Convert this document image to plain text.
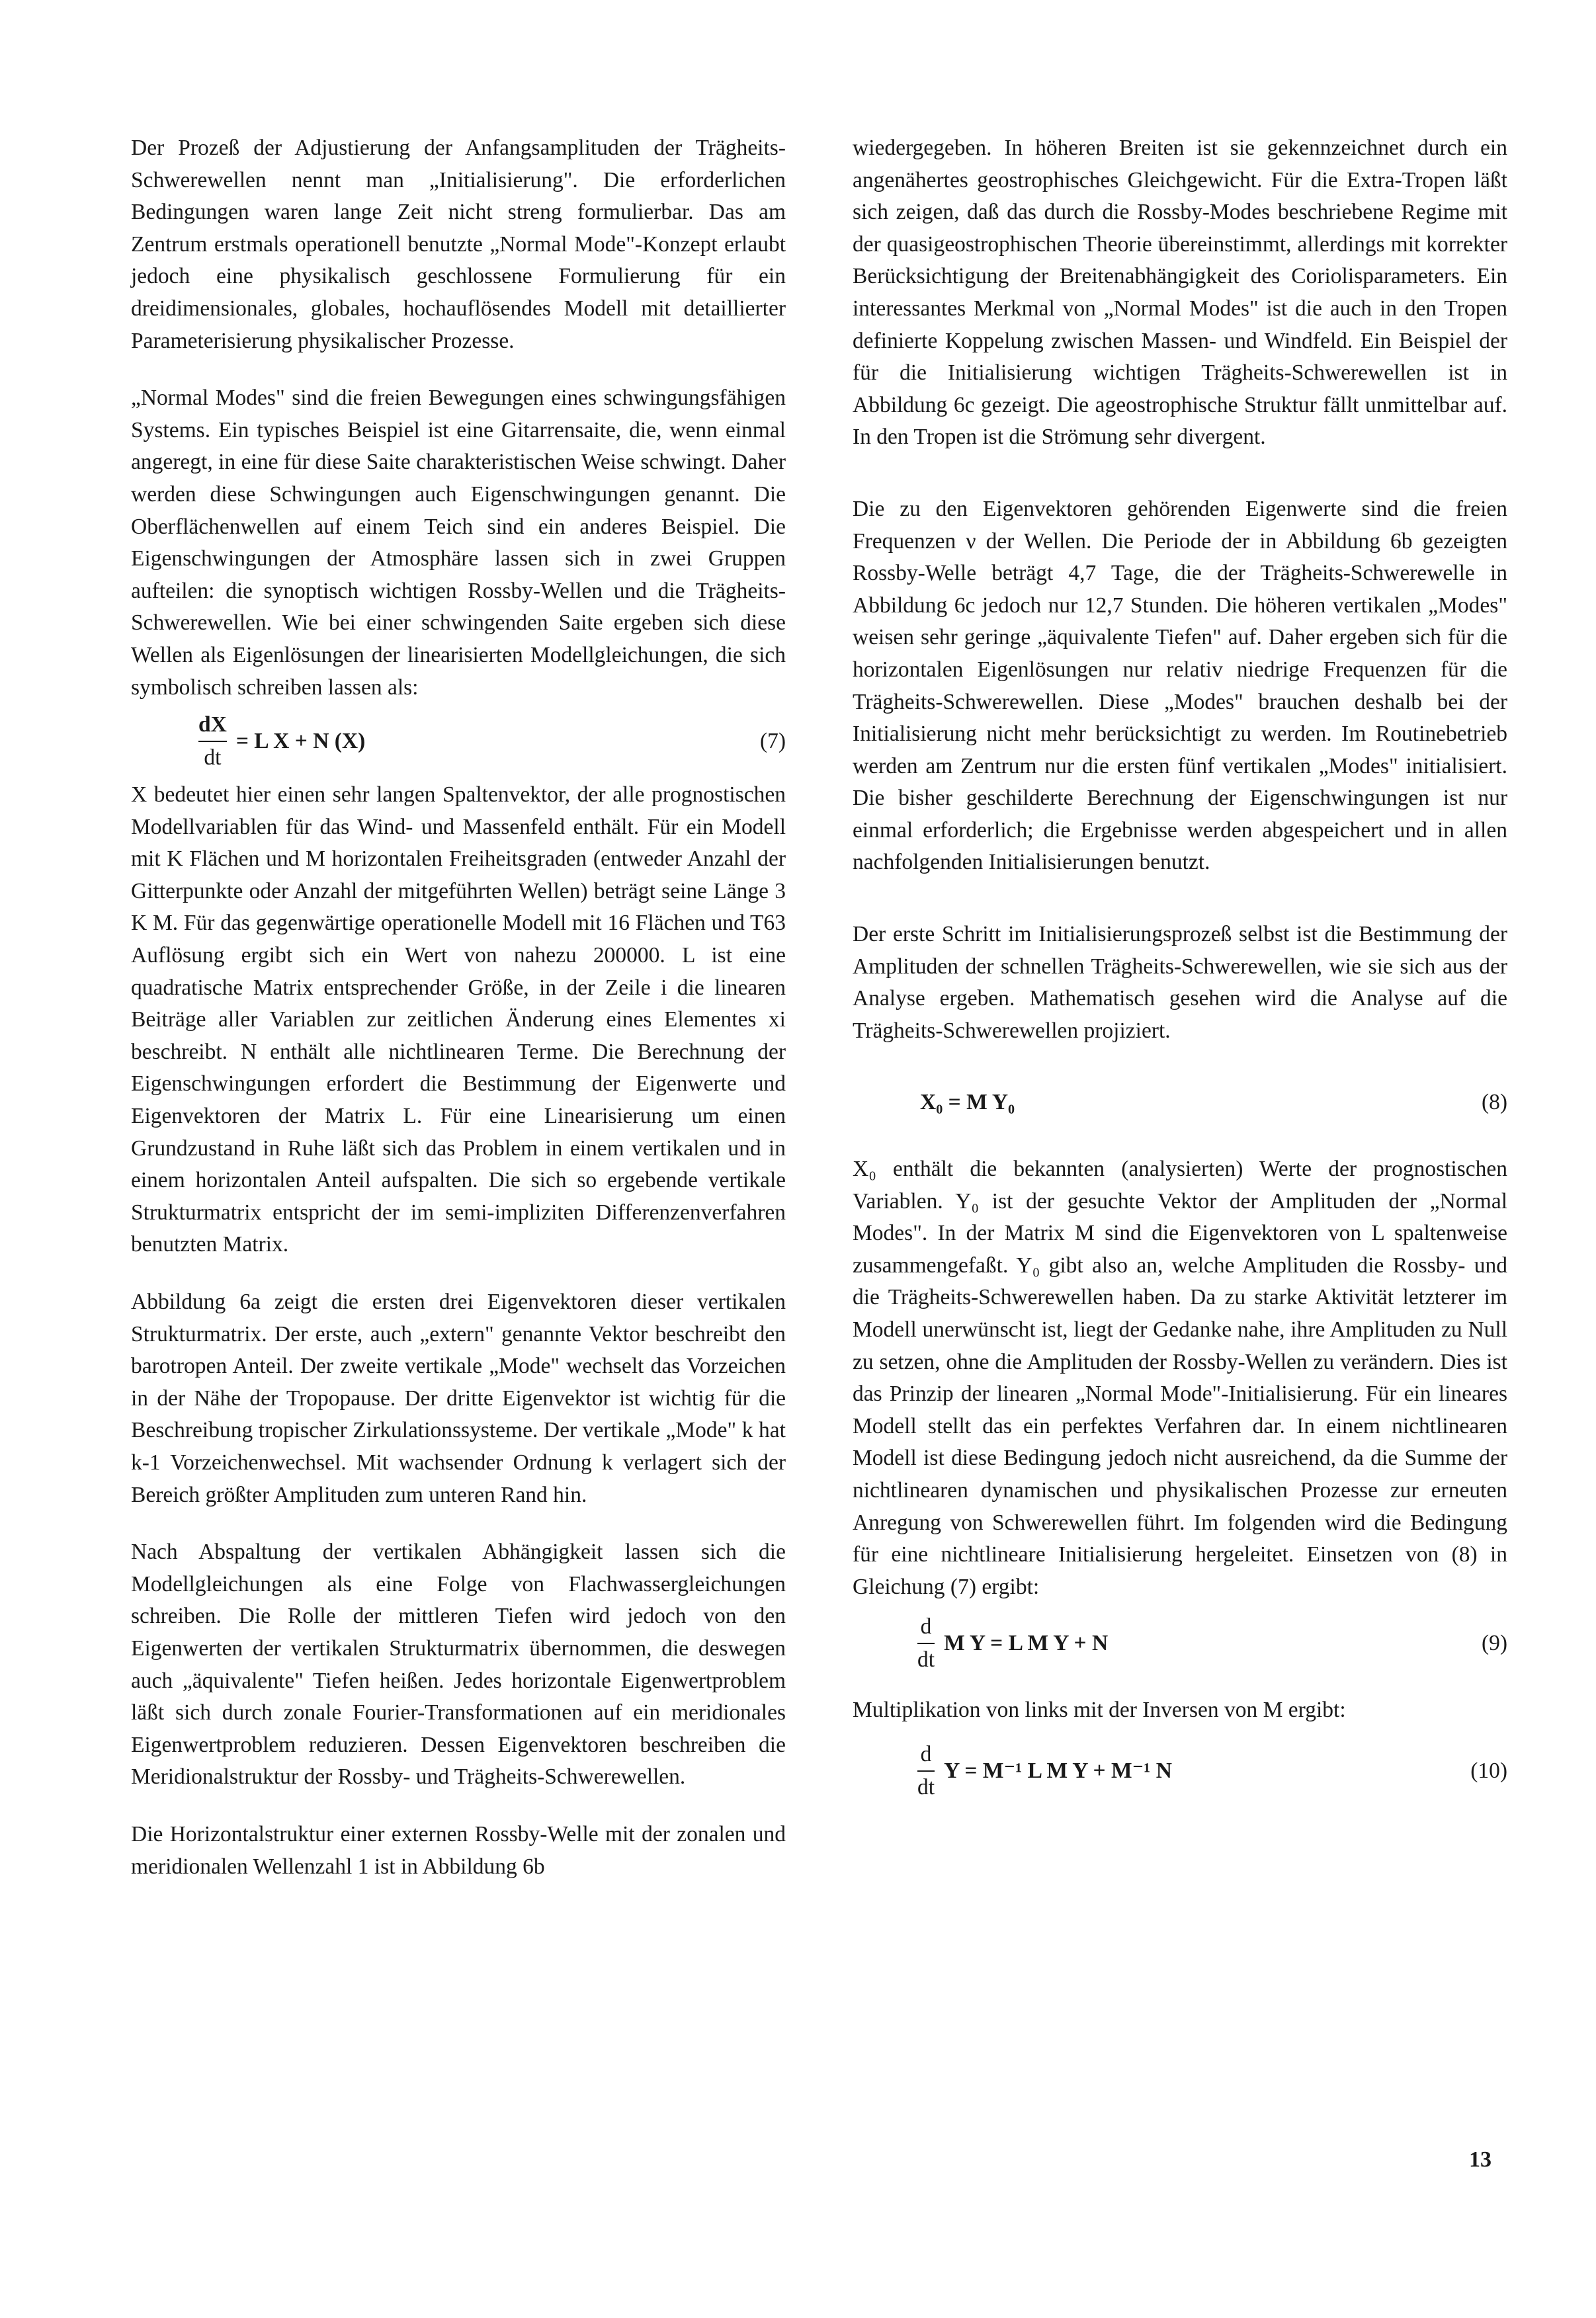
Der Prozeß der Adjustierung der Anfangsamplituden der Trägheits-Schwerewellen nennt man „Initialisierung". Die erforderlichen Bedingungen waren lange Zeit nicht streng formulierbar. Das am Zentrum erstmals operationell benutzte „Normal Mode"-Konzept erlaubt jedoch eine physikalisch geschlossene Formulierung für ein dreidimensionales, globales, hochauflösendes Modell mit detaillierter Parameterisierung physikalischer Prozesse.

„Normal Modes" sind die freien Bewegungen eines schwingungsfähigen Systems. Ein typisches Beispiel ist eine Gitarrensaite, die, wenn einmal angeregt, in eine für diese Saite charakteristischen Weise schwingt. Daher werden diese Schwingungen auch Eigenschwingungen genannt. Die Oberflächenwellen auf einem Teich sind ein anderes Beispiel. Die Eigenschwingungen der Atmosphäre lassen sich in zwei Gruppen aufteilen: die synoptisch wichtigen Rossby-Wellen und die Trägheits-Schwerewellen. Wie bei einer schwingenden Saite ergeben sich diese Wellen als Eigenlösungen der linearisierten Modellgleichungen, die sich symbolisch schreiben lassen als:

$\frac{dX}{dt} = L$ X + N (X)	(7)

X bedeutet hier einen sehr langen Spaltenvektor, der alle prognostischen Modellvariablen für das Wind- und Massenfeld enthält. Für ein Modell mit K Flächen und M horizontalen Freiheitsgraden (entweder Anzahl der Gitterpunkte oder Anzahl der mitgeführten Wellen) beträgt seine Länge 3 K M. Für das gegenwärtige operationelle Modell mit 16 Flächen und T63 Auflösung ergibt sich ein Wert von nahezu 200000. L ist eine quadratische Matrix entsprechender Größe, in der Zeile i die linearen Beiträge aller Variablen zur zeitlichen Änderung eines Elementes xi beschreibt. N enthält alle nichtlinearen Terme. Die Berechnung der Eigenschwingungen erfordert die Bestimmung der Eigenwerte und Eigenvektoren der Matrix L. Für eine Linearisierung um einen Grundzustand in Ruhe läßt sich das Problem in einem vertikalen und in einem horizontalen Anteil aufspalten. Die sich so ergebende vertikale Strukturmatrix entspricht der im semi-impliziten Differenzenverfahren benutzten Matrix.

Abbildung 6a zeigt die ersten drei Eigenvektoren dieser vertikalen Strukturmatrix. Der erste, auch „extern" genannte Vektor beschreibt den barotropen Anteil. Der zweite vertikale „Mode" wechselt das Vorzeichen in der Nähe der Tropopause. Der dritte Eigenvektor ist wichtig für die Beschreibung tropischer Zirkulationssysteme. Der vertikale „Mode" k hat k-1 Vorzeichenwechsel. Mit wachsender Ordnung k verlagert sich der Bereich größter Amplituden zum unteren Rand hin.

Nach Abspaltung der vertikalen Abhängigkeit lassen sich die Modellgleichungen als eine Folge von Flachwassergleichungen schreiben. Die Rolle der mittleren Tiefen wird jedoch von den Eigenwerten der vertikalen Strukturmatrix übernommen, die deswegen auch „äquivalente" Tiefen heißen. Jedes horizontale Eigenwertproblem läßt sich durch zonale Fourier-Transformationen auf ein meridionales Eigenwertproblem reduzieren. Dessen Eigenvektoren beschreiben die Meridionalstruktur der Rossby- und Trägheits-Schwerewellen.

Die Horizontalstruktur einer externen Rossby-Welle mit der zonalen und meridionalen Wellenzahl 1 ist in Abbildung 6b

wiedergegeben. In höheren Breiten ist sie gekennzeichnet durch ein angenähertes geostrophisches Gleichgewicht. Für die Extra-Tropen läßt sich zeigen, daß das durch die Rossby-Modes beschriebene Regime mit der quasigeostrophischen Theorie übereinstimmt, allerdings mit korrekter Berücksichtigung der Breitenabhängigkeit des Coriolisparameters. Ein interessantes Merkmal von „Normal Modes" ist die auch in den Tropen definierte Koppelung zwischen Massen- und Windfeld. Ein Beispiel der für die Initialisierung wichtigen Trägheits-Schwerewellen ist in Abbildung 6c gezeigt. Die ageostrophische Struktur fällt unmittelbar auf. In den Tropen ist die Strömung sehr divergent.

Die zu den Eigenvektoren gehörenden Eigenwerte sind die freien Frequenzen ν der Wellen. Die Periode der in Abbildung 6b gezeigten Rossby-Welle beträgt 4,7 Tage, die der Trägheits-Schwerewelle in Abbildung 6c jedoch nur 12,7 Stunden. Die höheren vertikalen „Modes" weisen sehr geringe „äquivalente Tiefen" auf. Daher ergeben sich für die horizontalen Eigenlösungen nur relativ niedrige Frequenzen für die Trägheits-Schwerewellen. Diese „Modes" brauchen deshalb bei der Initialisierung nicht mehr berücksichtigt zu werden. Im Routinebetrieb werden am Zentrum nur die ersten fünf vertikalen „Modes" initialisiert. Die bisher geschilderte Berechnung der Eigenschwingungen ist nur einmal erforderlich; die Ergebnisse werden abgespeichert und in allen nachfolgenden Initialisierungen benutzt.

Der erste Schritt im Initialisierungsprozeß selbst ist die Bestimmung der Amplituden der schnellen Trägheits-Schwerewellen, wie sie sich aus der Analyse ergeben. Mathematisch gesehen wird die Analyse auf die Trägheits-Schwerewellen projiziert.

X₀ = M Y₀	(8)

X₀ enthält die bekannten (analysierten) Werte der prognostischen Variablen. Y₀ ist der gesuchte Vektor der Amplituden der „Normal Modes". In der Matrix M sind die Eigenvektoren von L spaltenweise zusammengefaßt. Y₀ gibt also an, welche Amplituden die Rossby- und die Trägheits-Schwerewellen haben. Da zu starke Aktivität letzterer im Modell unerwünscht ist, liegt der Gedanke nahe, ihre Amplituden zu Null zu setzen, ohne die Amplituden der Rossby-Wellen zu verändern. Dies ist das Prinzip der linearen „Normal Mode"-Initialisierung. Für ein lineares Modell stellt das ein perfektes Verfahren dar. In einem nichtlinearen Modell ist diese Bedingung jedoch nicht ausreichend, da die Summe der nichtlinearen dynamischen und physikalischen Prozesse zur erneuten Anregung von Schwerewellen führt. Im folgenden wird die Bedingung für eine nichtlineare Initialisierung hergeleitet. Einsetzen von (8) in Gleichung (7) ergibt:

$\frac{d}{dt}$ M Y = L M Y + N	(9)

Multiplikation von links mit der Inversen von M ergibt:

$\frac{d}{dt}$ Y = M⁻¹ L M Y + M⁻¹ N	(10)
13
